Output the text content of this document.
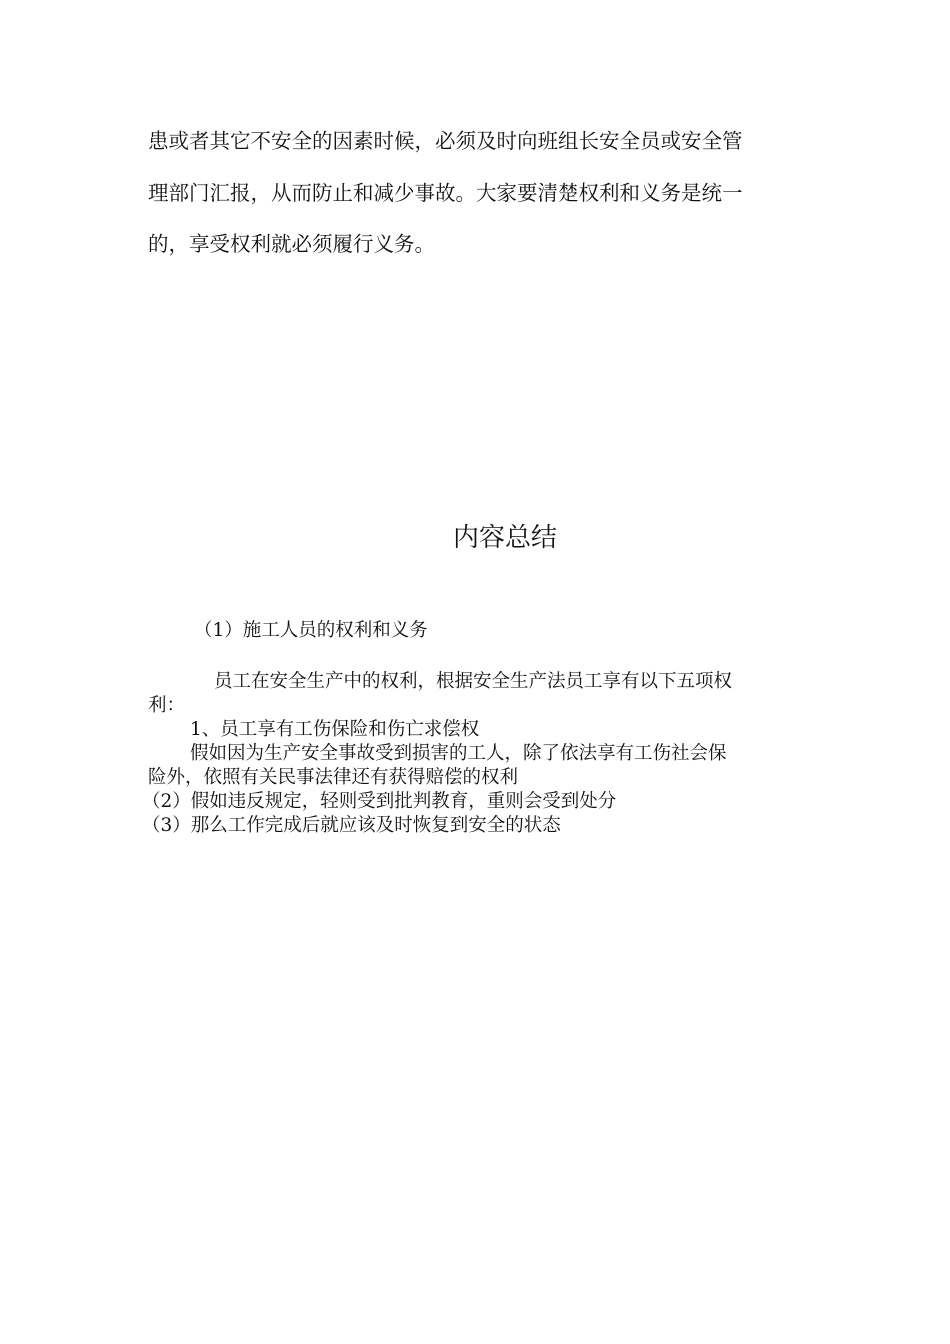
患或者其它不安全的因素时候，必须及时向班组长安全员或安全管
理部门汇报，从而防止和减少事故。大家要清楚权利和义务是统一
的，享受权利就必须履行义务。

内容总结
（1）施工人员的权利和义务
员工在安全生产中的权利，根据安全生产法员工享有以下五项权
利：
1、员工享有工伤保险和伤亡求偿权
假如因为生产安全事故受到损害的工人，除了依法享有工伤社会保
险外，依照有关民事法律还有获得赔偿的权利
（2）假如违反规定，轻则受到批判教育，重则会受到处分
（3）那么工作完成后就应该及时恢复到安全的状态
